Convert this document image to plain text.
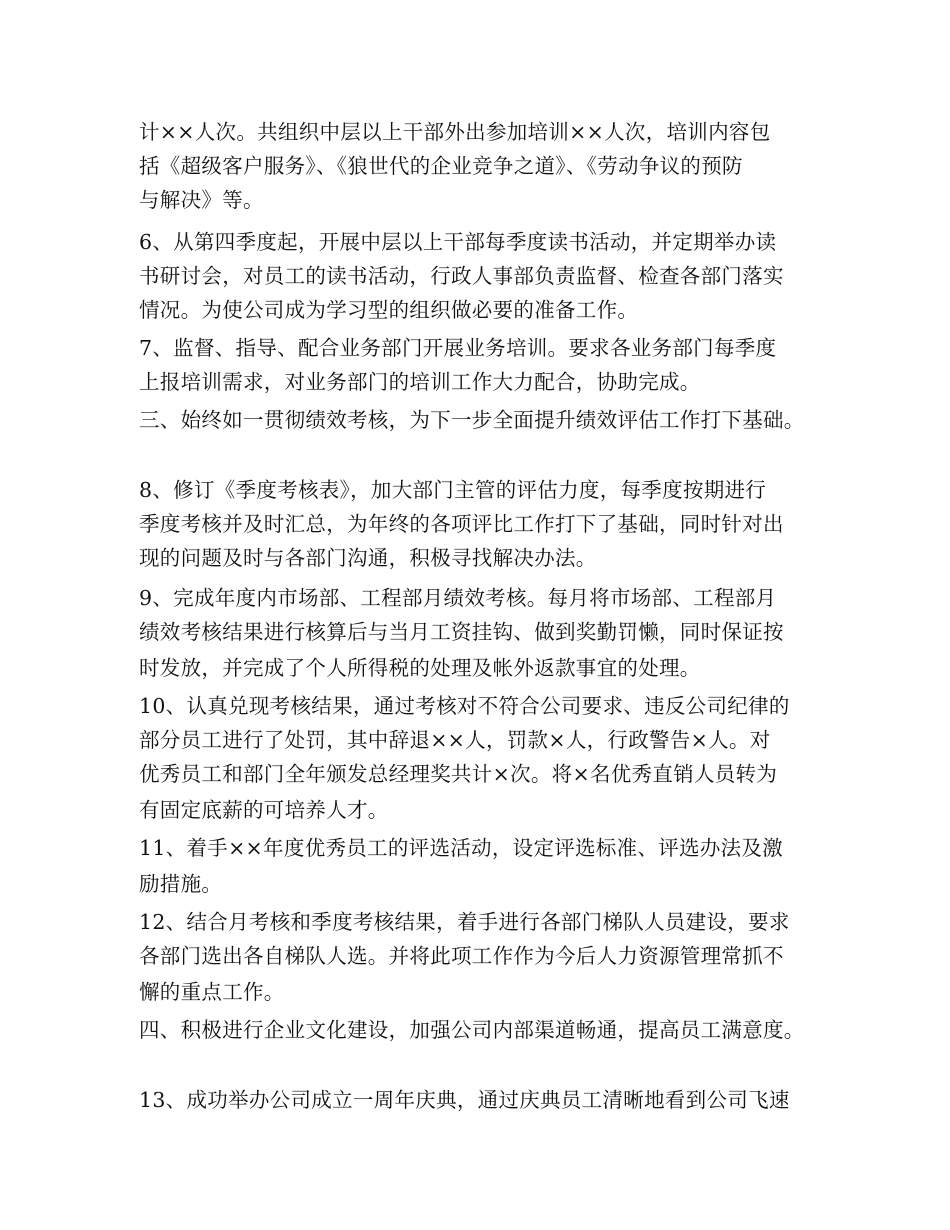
计××人次。共组织中层以上干部外出参加培训××人次，培训内容包
括《超级客户服务》、《狼世代的企业竞争之道》、《劳动争议的预防
与解决》等。
6、从第四季度起，开展中层以上干部每季度读书活动，并定期举办读
书研讨会，对员工的读书活动，行政人事部负责监督、检查各部门落实
情况。为使公司成为学习型的组织做必要的准备工作。
7、监督、指导、配合业务部门开展业务培训。要求各业务部门每季度
上报培训需求，对业务部门的培训工作大力配合，协助完成。
三、始终如一贯彻绩效考核，为下一步全面提升绩效评估工作打下基础。
8、修订《季度考核表》，加大部门主管的评估力度，每季度按期进行
季度考核并及时汇总，为年终的各项评比工作打下了基础，同时针对出
现的问题及时与各部门沟通，积极寻找解决办法。
9、完成年度内市场部、工程部月绩效考核。每月将市场部、工程部月
绩效考核结果进行核算后与当月工资挂钩、做到奖勤罚懒，同时保证按
时发放，并完成了个人所得税的处理及帐外返款事宜的处理。
10、认真兑现考核结果，通过考核对不符合公司要求、违反公司纪律的
部分员工进行了处罚，其中辞退××人，罚款×人，行政警告×人。对
优秀员工和部门全年颁发总经理奖共计×次。将×名优秀直销人员转为
有固定底薪的可培养人才。
11、着手××年度优秀员工的评选活动，设定评选标准、评选办法及激
励措施。
12、结合月考核和季度考核结果，着手进行各部门梯队人员建设，要求
各部门选出各自梯队人选。并将此项工作作为今后人力资源管理常抓不
懈的重点工作。
四、积极进行企业文化建设，加强公司内部渠道畅通，提高员工满意度。
13、成功举办公司成立一周年庆典，通过庆典员工清晰地看到公司飞速
